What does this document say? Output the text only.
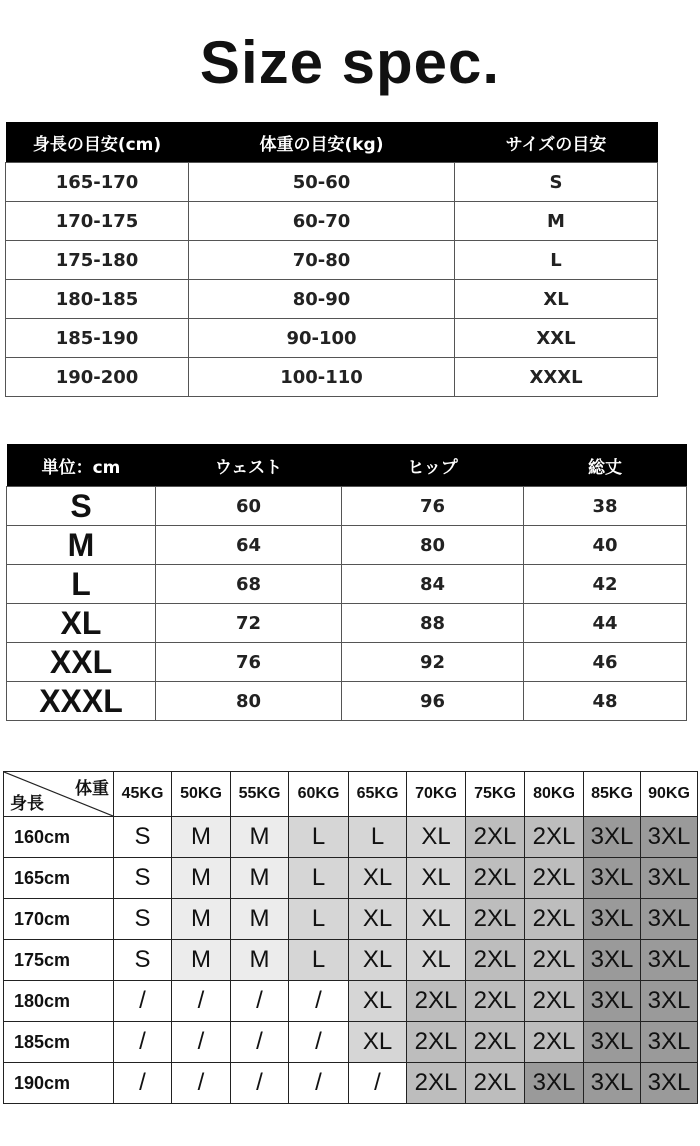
Size spec.
身長の目安(cm)	体重の目安(kg)	サイズの目安
165-170	50-60	S
170-175	60-70	M
175-180	70-80	L
180-185	80-90	XL
185-190	90-100	XXL
190-200	100-110	XXXL
単位：cm	ウェスト	ヒップ	総丈
S	60	76	38
M	64	80	40
L	68	84	42
XL	72	88	44
XXL	76	92	46
XXXL	80	96	48
体重
身長	45KG	50KG	55KG	60KG	65KG	70KG	75KG	80KG	85KG	90KG
160cm	S	M	M	L	L	XL	2XL	2XL	3XL	3XL
165cm	S	M	M	L	XL	XL	2XL	2XL	3XL	3XL
170cm	S	M	M	L	XL	XL	2XL	2XL	3XL	3XL
175cm	S	M	M	L	XL	XL	2XL	2XL	3XL	3XL
180cm	/	/	/	/	XL	2XL	2XL	2XL	3XL	3XL
185cm	/	/	/	/	XL	2XL	2XL	2XL	3XL	3XL
190cm	/	/	/	/	/	2XL	2XL	3XL	3XL	3XL
